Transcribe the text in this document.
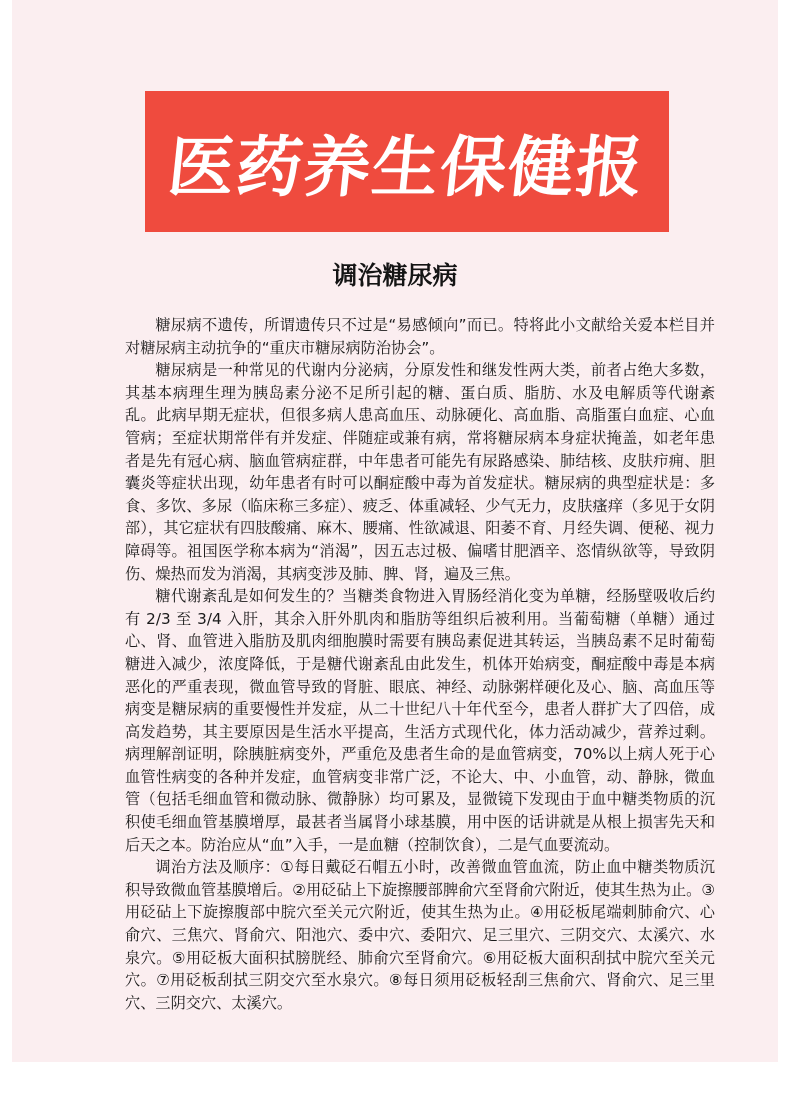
医药养生保健报
调治糖尿病

糖尿病不遗传，所谓遗传只不过是“易感倾向”而已。特将此小文献给关爱本栏目并对糖尿病主动抗争的“重庆市糖尿病防治协会”。

糖尿病是一种常见的代谢内分泌病，分原发性和继发性两大类，前者占绝大多数，其基本病理生理为胰岛素分泌不足所引起的糖、蛋白质、脂肪、水及电解质等代谢紊乱。此病早期无症状，但很多病人患高血压、动脉硬化、高血脂、高脂蛋白血症、心血管病；至症状期常伴有并发症、伴随症或兼有病，常将糖尿病本身症状掩盖，如老年患者是先有冠心病、脑血管病症群，中年患者可能先有尿路感染、肺结核、皮肤疖痈、胆囊炎等症状出现，幼年患者有时可以酮症酸中毒为首发症状。糖尿病的典型症状是：多食、多饮、多尿（临床称三多症）、疲乏、体重减轻、少气无力，皮肤瘙痒（多见于女阴部），其它症状有四肢酸痛、麻木、腰痛、性欲减退、阳萎不育、月经失调、便秘、视力障碍等。祖国医学称本病为“消渴”，因五志过极、偏嗜甘肥酒辛、恣情纵欲等，导致阴伤、燥热而发为消渴，其病变涉及肺、脾、肾，遍及三焦。

糖代谢紊乱是如何发生的？当糖类食物进入胃肠经消化变为单糖，经肠壁吸收后约有 2/3 至 3/4 入肝，其余入肝外肌肉和脂肪等组织后被利用。当葡萄糖（单糖）通过心、肾、血管进入脂肪及肌肉细胞膜时需要有胰岛素促进其转运，当胰岛素不足时葡萄糖进入减少，浓度降低，于是糖代谢紊乱由此发生，机体开始病变，酮症酸中毒是本病恶化的严重表现，微血管导致的肾脏、眼底、神经、动脉粥样硬化及心、脑、高血压等病变是糖尿病的重要慢性并发症，从二十世纪八十年代至今，患者人群扩大了四倍，成高发趋势，其主要原因是生活水平提高，生活方式现代化，体力活动减少，营养过剩。病理解剖证明，除胰脏病变外，严重危及患者生命的是血管病变，70%以上病人死于心血管性病变的各种并发症，血管病变非常广泛，不论大、中、小血管，动、静脉，微血管（包括毛细血管和微动脉、微静脉）均可累及，显微镜下发现由于血中糖类物质的沉积使毛细血管基膜增厚，最甚者当属肾小球基膜，用中医的话讲就是从根上损害先天和后天之本。防治应从“血”入手，一是血糖（控制饮食），二是气血要流动。

调治方法及顺序：①每日戴砭石帽五小时，改善微血管血流，防止血中糖类物质沉积导致微血管基膜增后。②用砭砧上下旋擦腰部脾俞穴至肾俞穴附近，使其生热为止。③用砭砧上下旋擦腹部中脘穴至关元穴附近，使其生热为止。④用砭板尾端刺肺俞穴、心俞穴、三焦穴、肾俞穴、阳池穴、委中穴、委阳穴、足三里穴、三阴交穴、太溪穴、水泉穴。⑤用砭板大面积拭膀胱经、肺俞穴至肾俞穴。⑥用砭板大面积刮拭中脘穴至关元穴。⑦用砭板刮拭三阴交穴至水泉穴。⑧每日须用砭板轻刮三焦俞穴、肾俞穴、足三里穴、三阴交穴、太溪穴。
